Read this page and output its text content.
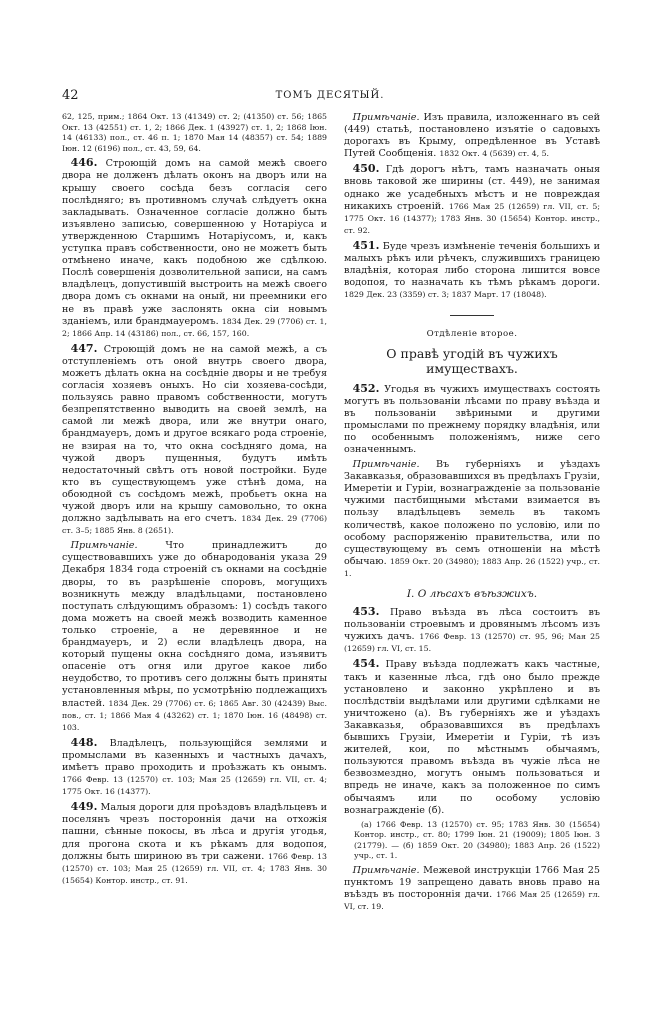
42	ТОМЪ ДЕСЯТЫЙ.

62, 125, прим.; 1864 Окт. 13 (41349) ст. 2; (41350) ст. 56; 1865 Окт. 13 (42551) ст. 1, 2; 1866 Дек. 1 (43927) ст. 1, 2; 1868 Іюн. 14 (46133) пол., ст. 46 п. 1; 1870 Мая 14 (48357) ст. 54; 1889 Іюн. 12 (6196) пол., ст. 43, 59, 64.

446. Строющій домъ на самой межѣ своего двора не долженъ дѣлать оконъ на дворъ или на крышу своего сосѣда безъ согласія сего послѣдняго; въ противномъ случаѣ слѣдуетъ окна закладывать. Означенное согласіе должно быть изъявлено записью, совершенною у Нотаріуса и утвержденною Старшимъ Нотаріусомъ, и, какъ уступка правъ собственности, оно не можетъ быть отмѣнено иначе, какъ подобною же сдѣлкою. Послѣ совершенія дозволительной записи, на самъ владѣлецъ, допустившій выстроить на межѣ своего двора домъ съ окнами на оный, ни преемники его не въ правѣ уже заслонять окна сіи новымъ зданіемъ, или брандмауеромъ. 1834 Дек. 29 (7706) ст. 1, 2; 1866 Апр. 14 (43186) пол., ст. 66, 157, 160.

447. Строющій домъ не на самой межѣ, а съ отступленіемъ отъ оной внутрь своего двора, можетъ дѣлать окна на сосѣдніе дворы и не требуя согласія хозяевъ оныхъ. Но сіи хозяева-сосѣди, пользуясь равно правомъ собственности, могутъ безпрепятственно выводить на своей землѣ, на самой ли межѣ двора, или же внутри онаго, брандмауеръ, домъ и другое всякаго рода строеніе, не взирая на то, что окна сосѣдняго дома, на чужой дворъ пущенныя, будутъ имѣть недостаточный свѣтъ отъ новой постройки. Буде кто въ существующемъ уже стѣнѣ дома, на обоюдной съ сосѣдомъ межѣ, пробьетъ окна на чужой дворъ или на крышу самовольно, то окна должно задѣлывать на его счетъ. 1834 Дек. 29 (7706) ст. 3–5; 1885 Янв. 8 (2651).

Примѣчаніе.	Что принадлежитъ до существовавшихъ уже до обнародованія указа 29 Декабря 1834 года строеній съ окнами на сосѣдніе дворы, то въ разрѣшеніе споровъ, могущихъ возникнуть между владѣльцами, постановлено поступать слѣдующимъ образомъ: 1) сосѣдъ такого дома можетъ на своей межѣ возводить каменное только строеніе, а не деревянное и не брандмауеръ, и 2) если владѣлецъ двора, на который пущены окна сосѣдняго дома, изъявитъ опасеніе отъ огня или другое какое либо неудобство, то противъ сего должны быть приняты установленныя мѣры, по усмотрѣнію подлежащихъ властей. 1834 Дек. 29 (7706) ст. 6; 1865 Авг. 30 (42439) Выс. пов., ст. 1; 1866 Мая 4 (43262) ст. 1; 1870 Іюн. 16 (48498) ст. 103.

448. Владѣлецъ, пользующійся землями и промыслами въ казенныхъ и частныхъ дачахъ, имѣетъ право проходить и проѣзжать къ онымъ. 1766 Февр. 13 (12570) ст. 103; Мая 25 (12659) гл. VII, ст. 4; 1775 Окт. 16 (14377).

449. Малыя дороги для проѣздовъ владѣльцевъ и поселянъ чрезъ постороннія дачи на отхожія пашни, сѣнные покосы, въ лѣса и другія угодья, для прогона скота и къ рѣкамъ для водопоя, должны быть шириною въ три сажени. 1766 Февр. 13 (12570) ст. 103; Мая 25 (12659) гл. VII, ст. 4; 1783 Янв. 30 (15654) Контор. инстр., ст. 91.

Примѣчаніе. Изъ правила, изложеннаго въ сей (449) статьѣ, постановлено изъятіе о садовыхъ дорогахъ въ Крыму, опредѣленное въ Уставѣ Путей Сообщенія. 1832 Окт. 4 (5639) ст. 4, 5.

450. Гдѣ дорогъ нѣтъ, тамъ назначать оныя вновь таковой же ширины (ст. 449), не занимая однако же усадебныхъ мѣстъ и не повреждая никакихъ строеній. 1766 Мая 25 (12659) гл. VII, ст. 5; 1775 Окт. 16 (14377); 1783 Янв. 30 (15654) Контор. инстр., ст. 92.

451. Буде чрезъ измѣненіе теченія большихъ и малыхъ рѣкъ или рѣчекъ, служившихъ границею владѣнія, которая либо сторона лишится вовсе водопоя, то назначать къ тѣмъ рѣкамъ дороги. 1829 Дек. 23 (3359) ст. 3; 1837 Март. 17 (18048).

Отдѣленіе второе.
О правѣ угодій въ чужихъ имуществахъ.

452. Угодья въ чужихъ имуществахъ состоять могутъ въ пользованіи лѣсами по праву въѣзда и въ пользованіи звѣриными и другими промыслами по прежнему порядку владѣнія, или по особеннымъ положеніямъ, ниже сего означеннымъ.

Примѣчаніе. Въ губерніяхъ и уѣздахъ Закавказья, образовавшихся въ предѣлахъ Грузіи, Имеретіи и Гуріи, вознагражденіе за пользованіе чужими пастбищными мѣстами взимается въ пользу владѣльцевъ земель въ такомъ количествѣ, какое положено по условію, или по особому распоряженію правительства, или по существующему въ семъ отношеніи на мѣстѣ обычаю. 1859 Окт. 20 (34980); 1883 Апр. 26 (1522) учр., ст. 1.

I. О лѣсахъ въѣзжихъ.

453. Право въѣзда въ лѣса состоитъ въ пользованіи строевымъ и дровянымъ лѣсомъ изъ чужихъ дачъ. 1766 Февр. 13 (12570) ст. 95, 96; Мая 25 (12659) гл. VI, ст. 15.

454. Праву въѣзда подлежатъ какъ частные, такъ и казенные лѣса, гдѣ оно было прежде установлено и законно укрѣплено и въ послѣдствіи выдѣлами или другими сдѣлками не уничтожено (а). Въ губерніяхъ же и уѣздахъ Закавказья, образовавшихся въ предѣлахъ бывшихъ Грузіи, Имеретіи и Гуріи, тѣ изъ жителей, кои, по мѣстнымъ обычаямъ, пользуются правомъ въѣзда въ чужіе лѣса не безвозмездно, могутъ онымъ пользоваться и впредь не иначе, какъ за положенное по симъ обычаямъ или по особому условію вознагражденіе (б).

(а) 1766 Февр. 13 (12570) ст. 95; 1783 Янв. 30 (15654) Контор. инстр., ст. 80; 1799 Іюн. 21 (19009); 1805 Іюн. 3 (21779). — (б) 1859 Окт. 20 (34980); 1883 Апр. 26 (1522) учр., ст. 1.

Примѣчаніе. Межевой инструкціи 1766 Мая 25 пунктомъ 19 запрещено давать вновь право на въѣздъ въ постороннія дачи. 1766 Мая 25 (12659) гл. VI, ст. 19.
